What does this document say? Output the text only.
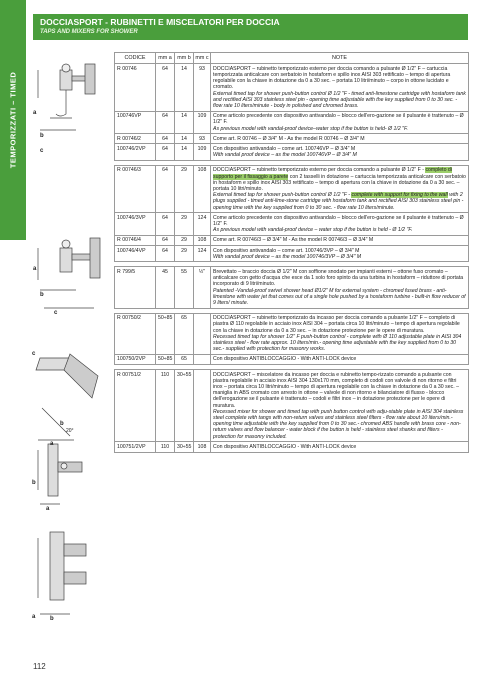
TEMPORIZZATI – TIMED
DOCCIASPORT - RUBINETTI E MISCELATORI PER DOCCIA
TAPS AND MIXERS FOR SHOWER
a
b
c
a
b
c
c
b
a
20°
b
a
a b
CODICE	mm a	mm b	mm c	NOTE
R 00746	64	14	93	DOCCIASPORT – rubinetto temporizzato esterno per doccia comando a pulsante Ø 1/2" F – cartuccia temporizzata anticalcare con serbatoio in hostaform e spillo inox AISI 303 rettificato – tempo di apertura regolabile con la chiave in dotazione da 0 a 30 sec. – portata 10 litri/minuto – corpo in ottone lucidato e cromato.
External timed tap for shower push-button control Ø 1/2 "F - timed anti-limestone cartridge with hostaform tank and rectified AISI 303 stainless steel pin - opening time adjustable with the key supplied from 0 to 30 sec. - flow rate 10 liters/minute - body in polished and chromed brass.
100746VP	64	14	109	Come articolo precedente con dispositivo antivandalo – blocco dell'ero-gazione se il pulsante è trattenuto – Ø 1/2" F.
As previous model with vandal-proof device–water stop if the button is held- Ø 1/2 "F.
R 00746/2	64	14	93	Come art. R 00746 – Ø 3/4" M - As the model R 00746 – Ø 3/4" M
100746/2VP	64	14	109	Con dispositivo antivandalo – come art. 100746VP – Ø 3/4" M
With vandal proof device – as the model 100746VP – Ø 3/4" M

R 00746/3	64	29	108	DOCCIASPORT – rubinetto temporizzato esterno per doccia comando a pulsante Ø 1/2" F - completo di supporto per il fissaggio a parete con 2 tasselli in dotazione – cartuccia temporizzata anticalcare con serbatoio in hostaform e spillo inox AISI 303 rettificato – tempo di apertura con la chiave in dotazione da 0 a 30 sec. – portata 10 litri/minuto.
External timed tap for shower push-button control Ø 1/2 "F - complete with support for fixing to the wall with 2 plugs supplied - timed anti-lime-stone cartridge with hostaform tank and rectified AISI 303 stainless steel pin - opening time with the key supplied from 0 to 30 sec. - flow rate 10 liters/minute.
100746/3VP	64	29	124	Come articolo precedente con dispositivo antivandalo – blocco dell'ero-gazione se il pulsante è trattenuto – Ø 1/2" F.
As previous model with vandal-proof device – water stop if the button is held - Ø 1/2 "F.
R 00746/4	64	29	108	Come art. R 00746/3 – Ø 3/4" M - As the model R 00746/3 – Ø 3/4" M
100746/4VP	64	29	124	Con dispositivo antivandalo – come art. 100746/3VP – Ø 3/4" M
With vandal proof device – as the model 100746/3VP – Ø 3/4" M

R 799/5	45	55	½"	Brevettato – braccio doccia Ø 1/2" M con soffione snodato per impianti esterni – ottone fuso cromato – anticalcare con getto d'acqua che esce da 1 solo foro spinto da una turbina in hostaform – riduttore di portata incorporato di 9 litri/minuto.
Patented -Vandal-proof swivel shower head Ø1/2" M for external system - chromed fused brass - anti-limestone with water jet that comes out of a single hole pushed by a hostaform turbine - built-in flow reducer of 9 liters/ minute.

R 00750/2	50÷85	65		DOCCIASPORT – rubinetto temporizzato da incasso per doccia comando a pulsante 1/2" F – completo di piastra Ø 110 regolabile in acciaio inox AISI 304 – portata circa 10 litri/minuto – tempo di apertura regolabile con la chiave in dotazione da 0 a 30 sec. – in dotazione protezione per le opere di muratura.
Recessed timed tap for shower 1/2" F push-button control - complete with Ø 110 adjustable plate in AISI 304 stainless steel - flow rate approx. 10 liters/min.- opening time adjustable with the key supplied from 0 to 30 sec.- supplied with protection for masonry works.
100750/2VP	50÷85	65		Con dispositivo ANTIBLOCCAGGIO - With ANTI-LOCK device

R 00751/2	110	30÷55		DOCCIASPORT – miscelatore da incasso per doccia e rubinetto tempo-rizzato comando a pulsante con piastra regolabile in acciaio inox AISI 304 130x170 mm, completo di codoli con valvole di non ritorno e filtri inox – portata circa 10 litri/minuto – tempo di apertura regolabile con la chiave in dotazione da 0 a 30 sec. – maniglia in ABS cromato con arresto in ottone – valvole di non ritorno e bilanciatore di flusso - blocco dell'erogazione se il pulsante è trattenuto – codoli e filtri inox – in dotazione protezione per le opere di muratura.
Recessed mixer for shower and timed tap with push button control with adju-stable plate in AISI 304 stainless steel complete with tangs with non-return valves and stainless steel filters - flow rate about 10 liters/min.- opening time adjustable with the key supplied from 0 to 30 sec.- chromed ABS handle with brass core - non-return valves and flow balancer - water block if the button is held - stainless steel shanks and filters - protection for masonry included.
100751/2VP	110	30÷55	108	Con dispositivo ANTIBLOCCAGGIO - With ANTI-LOCK device
112
